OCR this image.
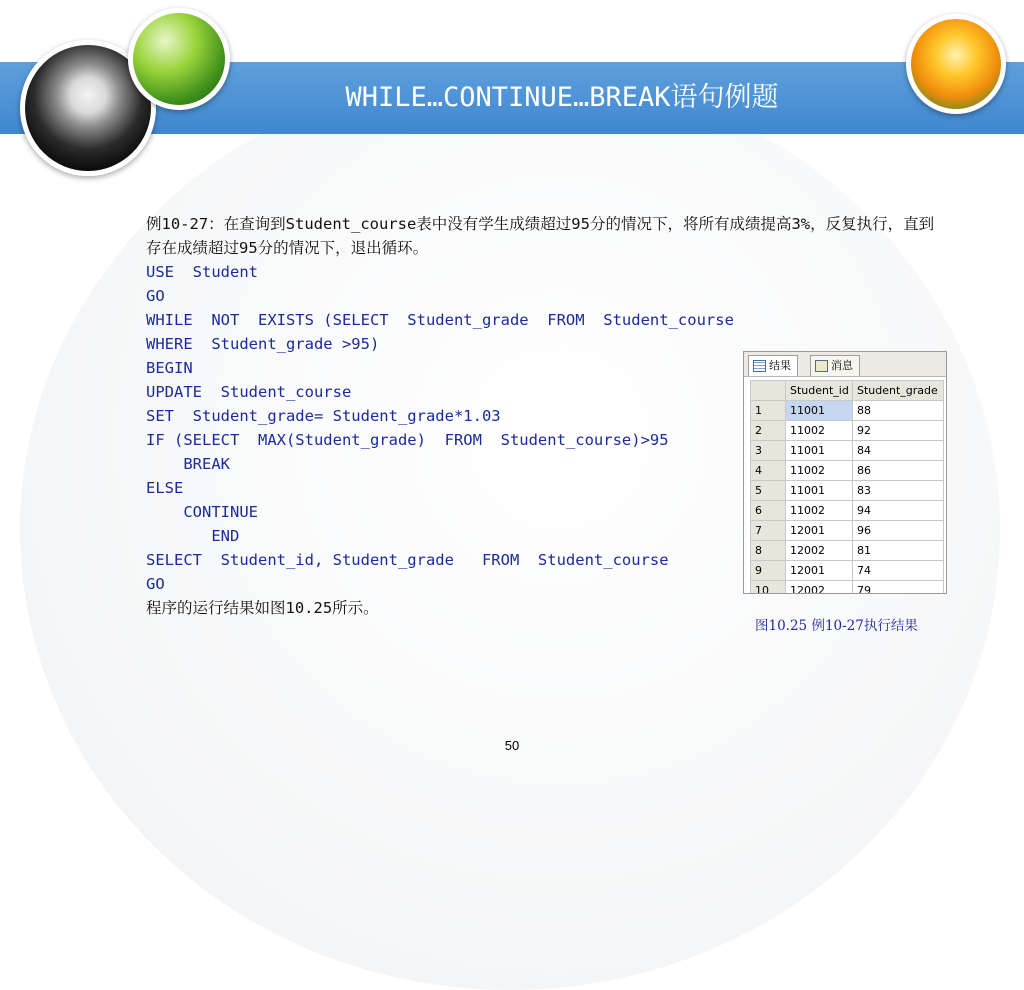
WHILE…CONTINUE…BREAK语句例题
例10-27：在查询到Student_course表中没有学生成绩超过95分的情况下，将所有成绩提高3%，反复执行，直到存在成绩超过95分的情况下，退出循环。
USE  Student
GO
WHILE  NOT  EXISTS (SELECT  Student_grade  FROM  Student_course
WHERE  Student_grade >95)
BEGIN
UPDATE  Student_course
SET  Student_grade= Student_grade*1.03
IF (SELECT  MAX(Student_grade)  FROM  Student_course)>95
BREAK
ELSE
CONTINUE
END
SELECT  Student_id, Student_grade   FROM  Student_course
GO
程序的运行结果如图10.25所示。
结果	消息
	Student_id	Student_grade
1	11001	88
2	11002	92
3	11001	84
4	11002	86
5	11001	83
6	11002	94
7	12001	96
8	12002	81
9	12001	74
10	12002	79
图10.25 例10-27执行结果
50
